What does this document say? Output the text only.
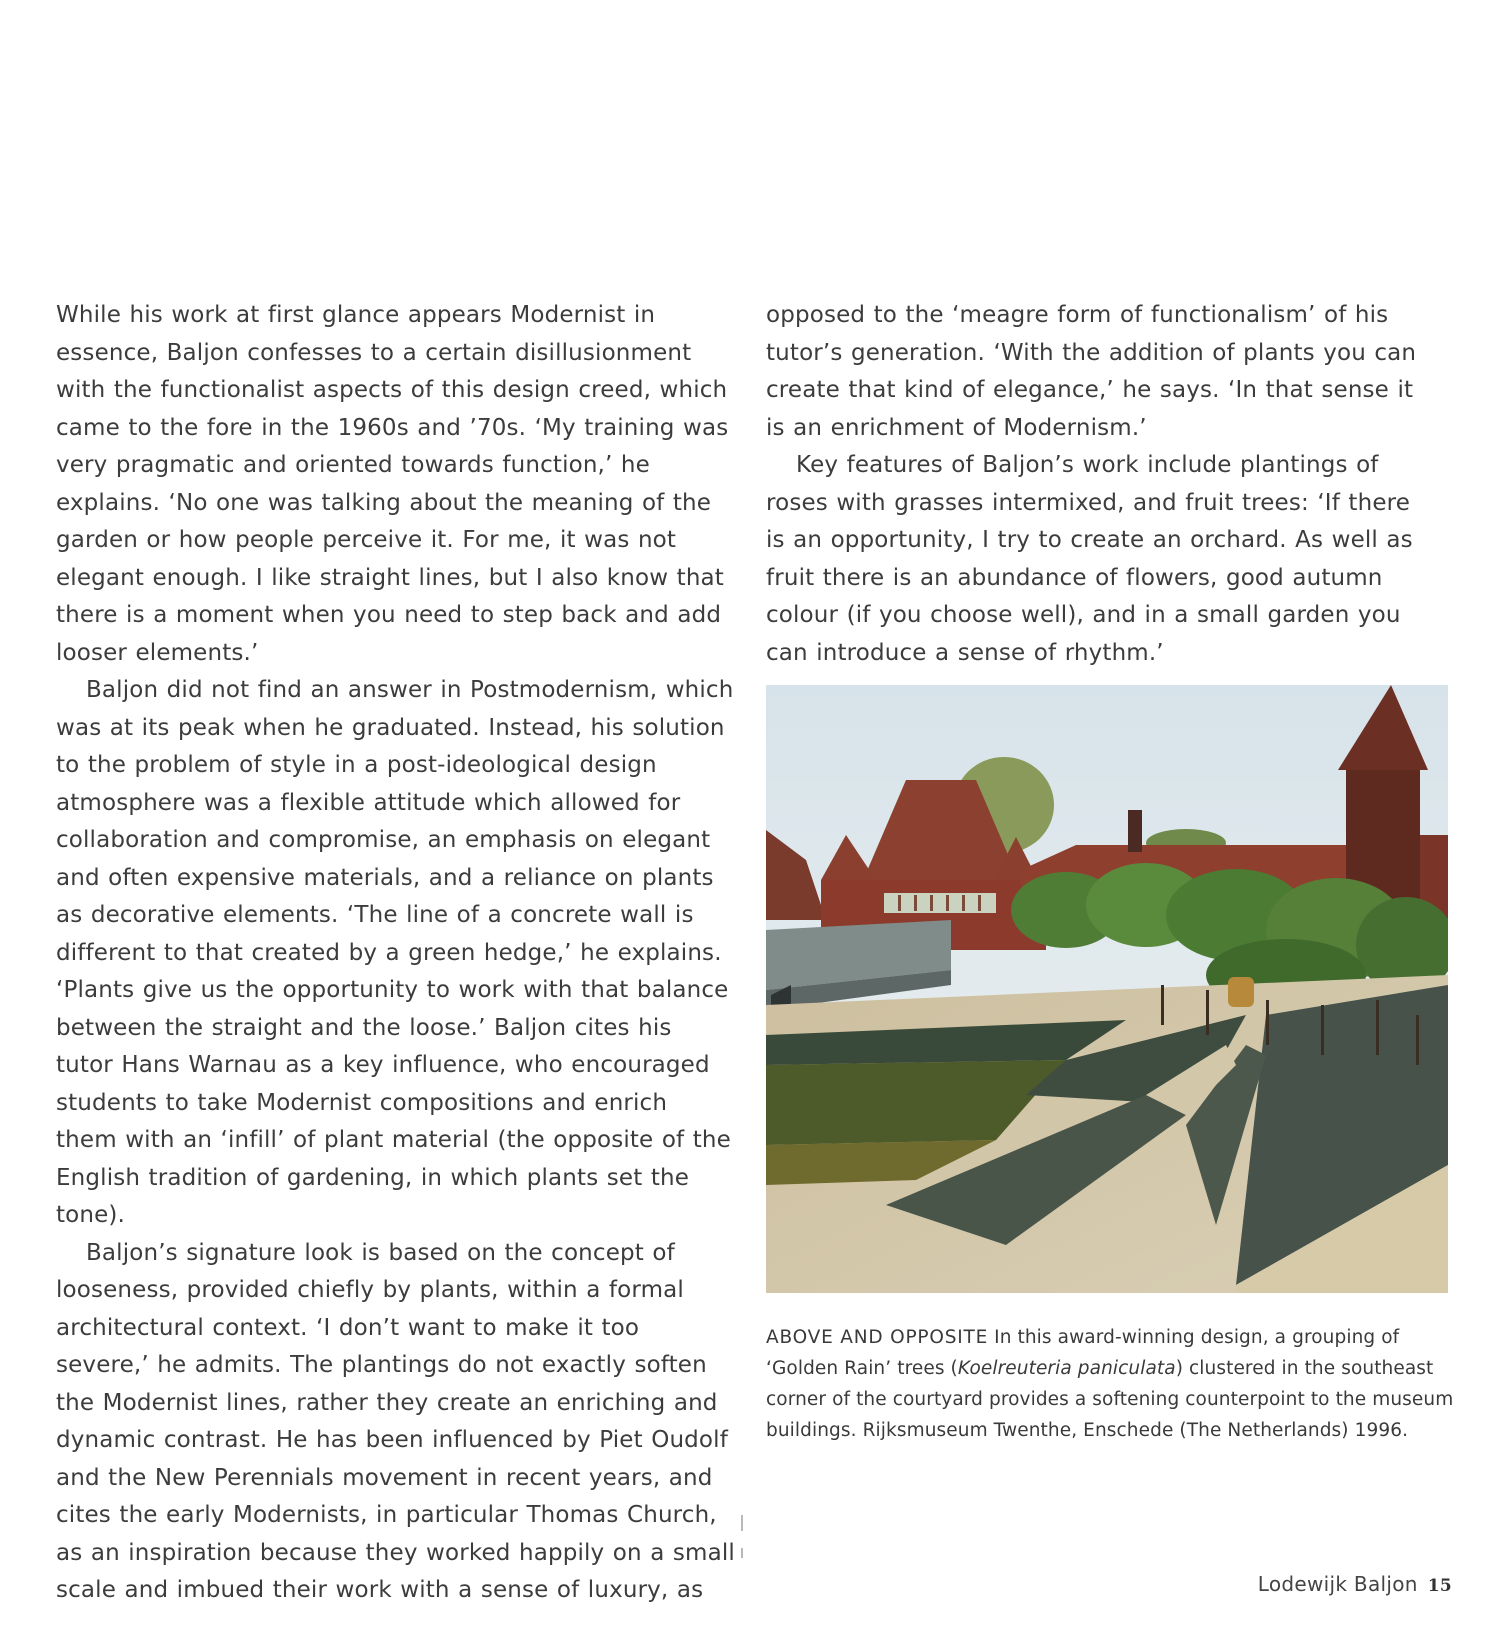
While his work at first glance appears Modernist in essence, Baljon confesses to a certain disillusionment with the functionalist aspects of this design creed, which came to the fore in the 1960s and ’70s. ‘My training was very pragmatic and oriented towards function,’ he explains. ‘No one was talking about the meaning of the garden or how people perceive it. For me, it was not elegant enough. I like straight lines, but I also know that there is a moment when you need to step back and add looser elements.’

Baljon did not find an answer in Postmodernism, which was at its peak when he graduated. Instead, his solution to the problem of style in a post-ideological design atmosphere was a flexible attitude which allowed for collaboration and compromise, an emphasis on elegant and often expensive materials, and a reliance on plants as decorative elements. ‘The line of a concrete wall is different to that created by a green hedge,’ he explains. ‘Plants give us the opportunity to work with that balance between the straight and the loose.’ Baljon cites his tutor Hans Warnau as a key influence, who encouraged students to take Modernist compositions and enrich them with an ‘infill’ of plant material (the opposite of the English tradition of gardening, in which plants set the tone).

Baljon’s signature look is based on the concept of looseness, provided chiefly by plants, within a formal architectural context. ‘I don’t want to make it too severe,’ he admits. The plantings do not exactly soften the Modernist lines, rather they create an enriching and dynamic contrast. He has been influenced by Piet Oudolf and the New Perennials movement in recent years, and cites the early Modernists, in particular Thomas Church, as an inspiration because they worked happily on a small scale and imbued their work with a sense of luxury, as

opposed to the ‘meagre form of functionalism’ of his tutor’s generation. ‘With the addition of plants you can create that kind of elegance,’ he says. ‘In that sense it is an enrichment of Modernism.’

Key features of Baljon’s work include plantings of roses with grasses intermixed, and fruit trees: ‘If there is an opportunity, I try to create an orchard. As well as fruit there is an abundance of flowers, good autumn colour (if you choose well), and in a small garden you can introduce a sense of rhythm.’

ABOVE AND OPPOSITE In this award-winning design, a grouping of ‘Golden Rain’ trees (Koelreuteria paniculata) clustered in the southeast corner of the courtyard provides a softening counterpoint to the museum buildings. Rijksmuseum Twenthe, Enschede (The Netherlands) 1996.

Lodewijk Baljon 15
